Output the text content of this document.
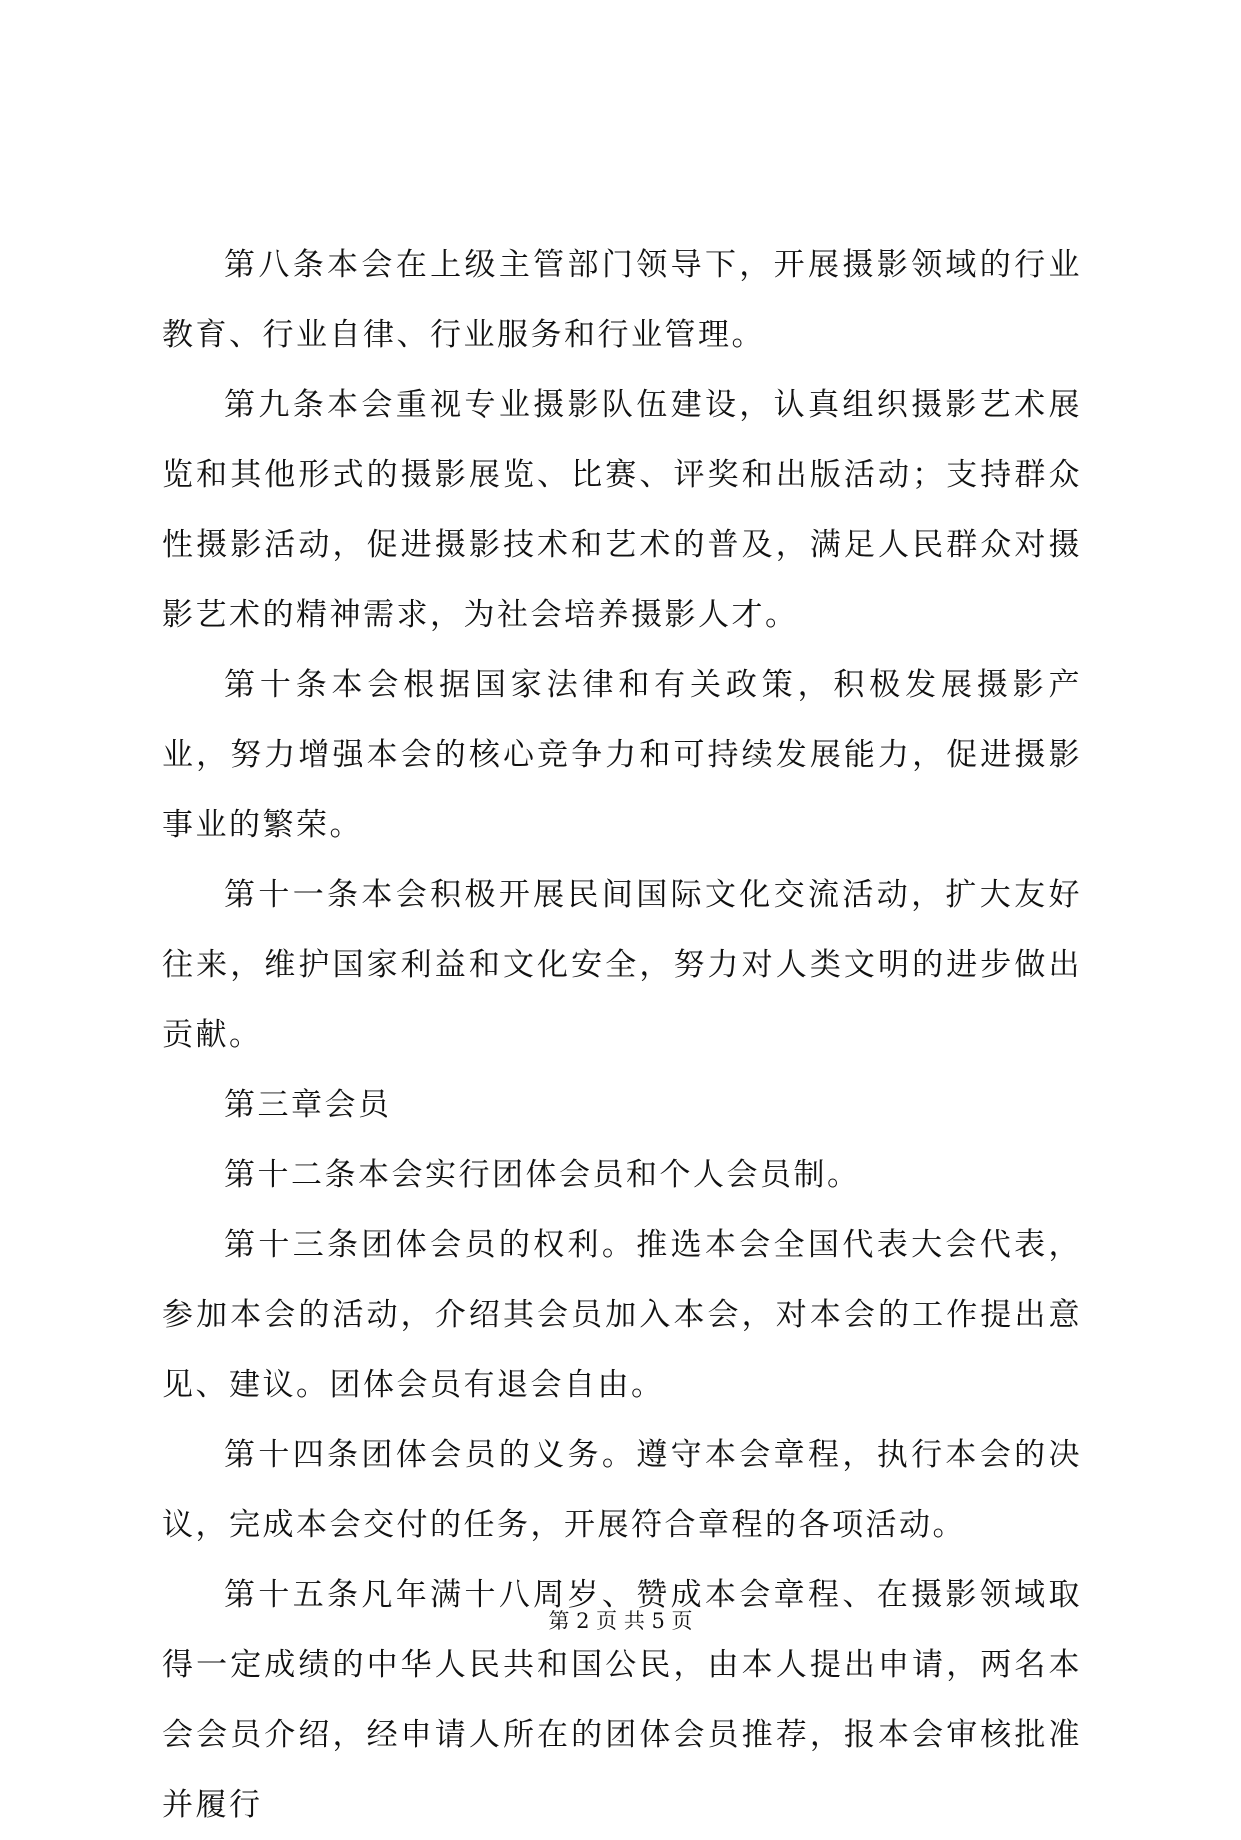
第八条本会在上级主管部门领导下，开展摄影领域的行业教育、行业自律、行业服务和行业管理。

第九条本会重视专业摄影队伍建设，认真组织摄影艺术展览和其他形式的摄影展览、比赛、评奖和出版活动；支持群众性摄影活动，促进摄影技术和艺术的普及，满足人民群众对摄影艺术的精神需求，为社会培养摄影人才。

第十条本会根据国家法律和有关政策，积极发展摄影产业，努力增强本会的核心竞争力和可持续发展能力，促进摄影事业的繁荣。

第十一条本会积极开展民间国际文化交流活动，扩大友好往来，维护国家利益和文化安全，努力对人类文明的进步做出贡献。

第三章会员

第十二条本会实行团体会员和个人会员制。

第十三条团体会员的权利。推选本会全国代表大会代表，参加本会的活动，介绍其会员加入本会，对本会的工作提出意见、建议。团体会员有退会自由。

第十四条团体会员的义务。遵守本会章程，执行本会的决议，完成本会交付的任务，开展符合章程的各项活动。

第十五条凡年满十八周岁、赞成本会章程、在摄影领域取得一定成绩的中华人民共和国公民，由本人提出申请，两名本会会员介绍，经申请人所在的团体会员推荐，报本会审核批准并履行

第 2 页 共 5 页
